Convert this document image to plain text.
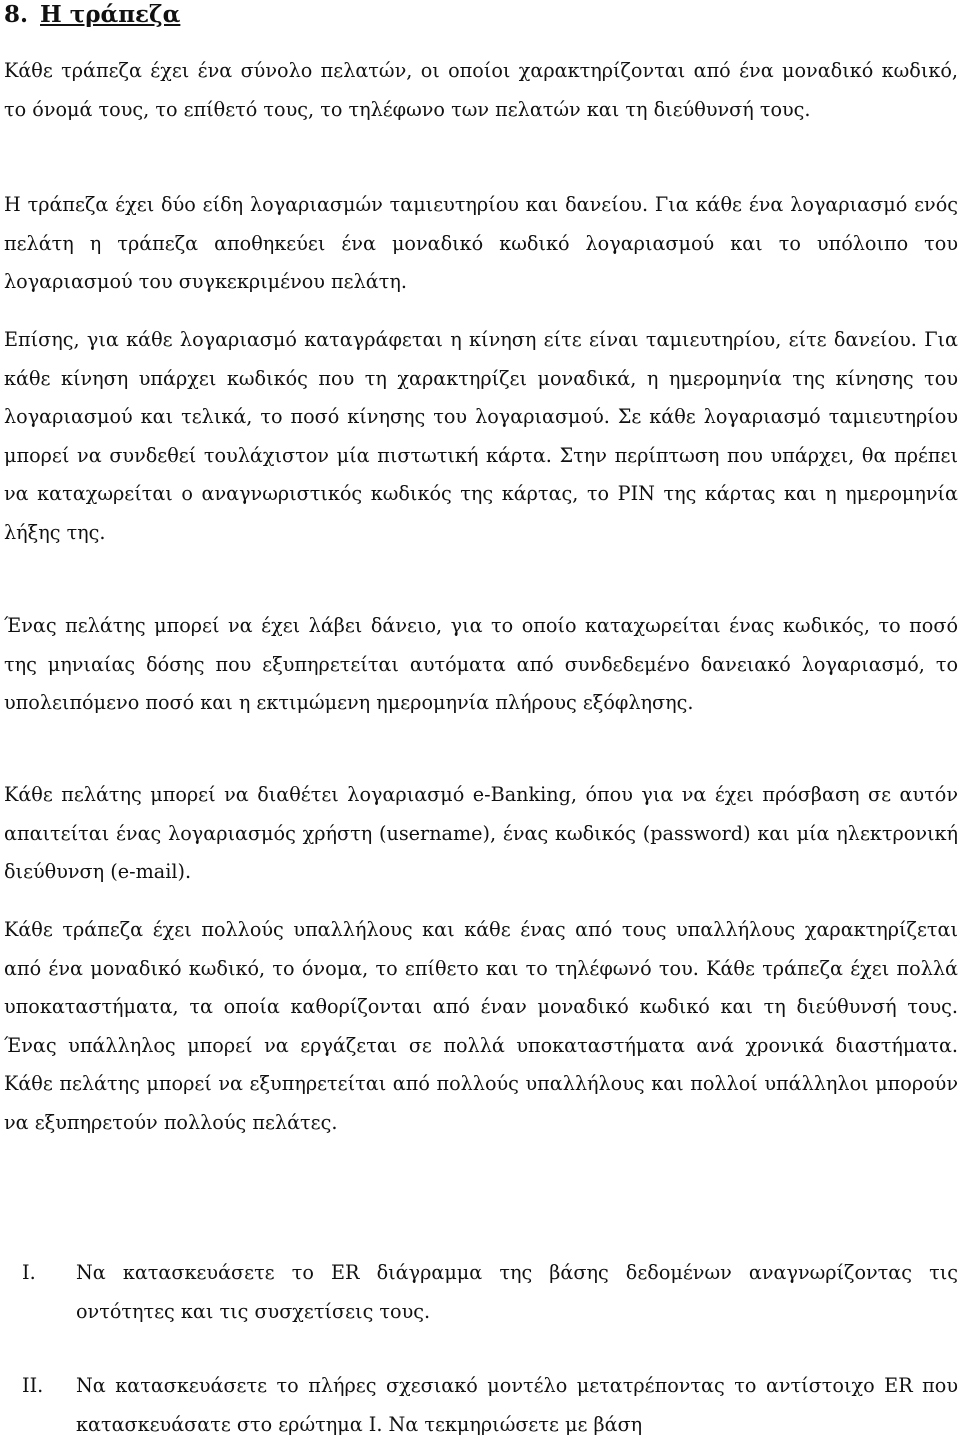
8. Η τράπεζα

Κάθε τράπεζα έχει ένα σύνολο πελατών, οι οποίοι χαρακτηρίζονται από ένα μοναδικό κωδικό, το όνομά τους, το επίθετό τους, το τηλέφωνο των πελατών και τη διεύθυνσή τους.

Η τράπεζα έχει δύο είδη λογαριασμών ταμιευτηρίου και δανείου. Για κάθε ένα λογαριασμό ενός πελάτη η τράπεζα αποθηκεύει ένα μοναδικό κωδικό λογαριασμού και το υπόλοιπο του λογαριασμού του συγκεκριμένου πελάτη.

Επίσης, για κάθε λογαριασμό καταγράφεται η κίνηση είτε είναι ταμιευτηρίου, είτε δανείου. Για κάθε κίνηση υπάρχει κωδικός που τη χαρακτηρίζει μοναδικά, η ημερομηνία της κίνησης του λογαριασμού και τελικά, το ποσό κίνησης του λογαριασμού. Σε κάθε λογαριασμό ταμιευτηρίου μπορεί να συνδεθεί τουλάχιστον μία πιστωτική κάρτα. Στην περίπτωση που υπάρχει, θα πρέπει να καταχωρείται ο αναγνωριστικός κωδικός της κάρτας, το PIN της κάρτας και η ημερομηνία λήξης της.

Ένας πελάτης μπορεί να έχει λάβει δάνειο, για το οποίο καταχωρείται ένας κωδικός, το ποσό της μηνιαίας δόσης που εξυπηρετείται αυτόματα από συνδεδεμένο δανειακό λογαριασμό, το υπολειπόμενο ποσό και η εκτιμώμενη ημερομηνία πλήρους εξόφλησης.

Κάθε πελάτης μπορεί να διαθέτει λογαριασμό e-Banking, όπου για να έχει πρόσβαση σε αυτόν απαιτείται ένας λογαριασμός χρήστη (username), ένας κωδικός (password) και μία ηλεκτρονική διεύθυνση (e-mail).

Κάθε τράπεζα έχει πολλούς υπαλλήλους και κάθε ένας από τους υπαλλήλους χαρακτηρίζεται από ένα μοναδικό κωδικό, το όνομα, το επίθετο και το τηλέφωνό του. Κάθε τράπεζα έχει πολλά υποκαταστήματα, τα οποία καθορίζονται από έναν μοναδικό κωδικό και τη διεύθυνσή τους. Ένας υπάλληλος μπορεί να εργάζεται σε πολλά υποκαταστήματα ανά χρονικά διαστήματα. Κάθε πελάτης μπορεί να εξυπηρετείται από πολλούς υπαλλήλους και πολλοί υπάλληλοι μπορούν να εξυπηρετούν πολλούς πελάτες.

I. Να κατασκευάσετε το ER διάγραμμα της βάσης δεδομένων αναγνωρίζοντας τις οντότητες και τις συσχετίσεις τους.
II. Να κατασκευάσετε το πλήρες σχεσιακό μοντέλο μετατρέποντας το αντίστοιχο ER που κατασκευάσατε στο ερώτημα I. Να τεκμηριώσετε με βάση
